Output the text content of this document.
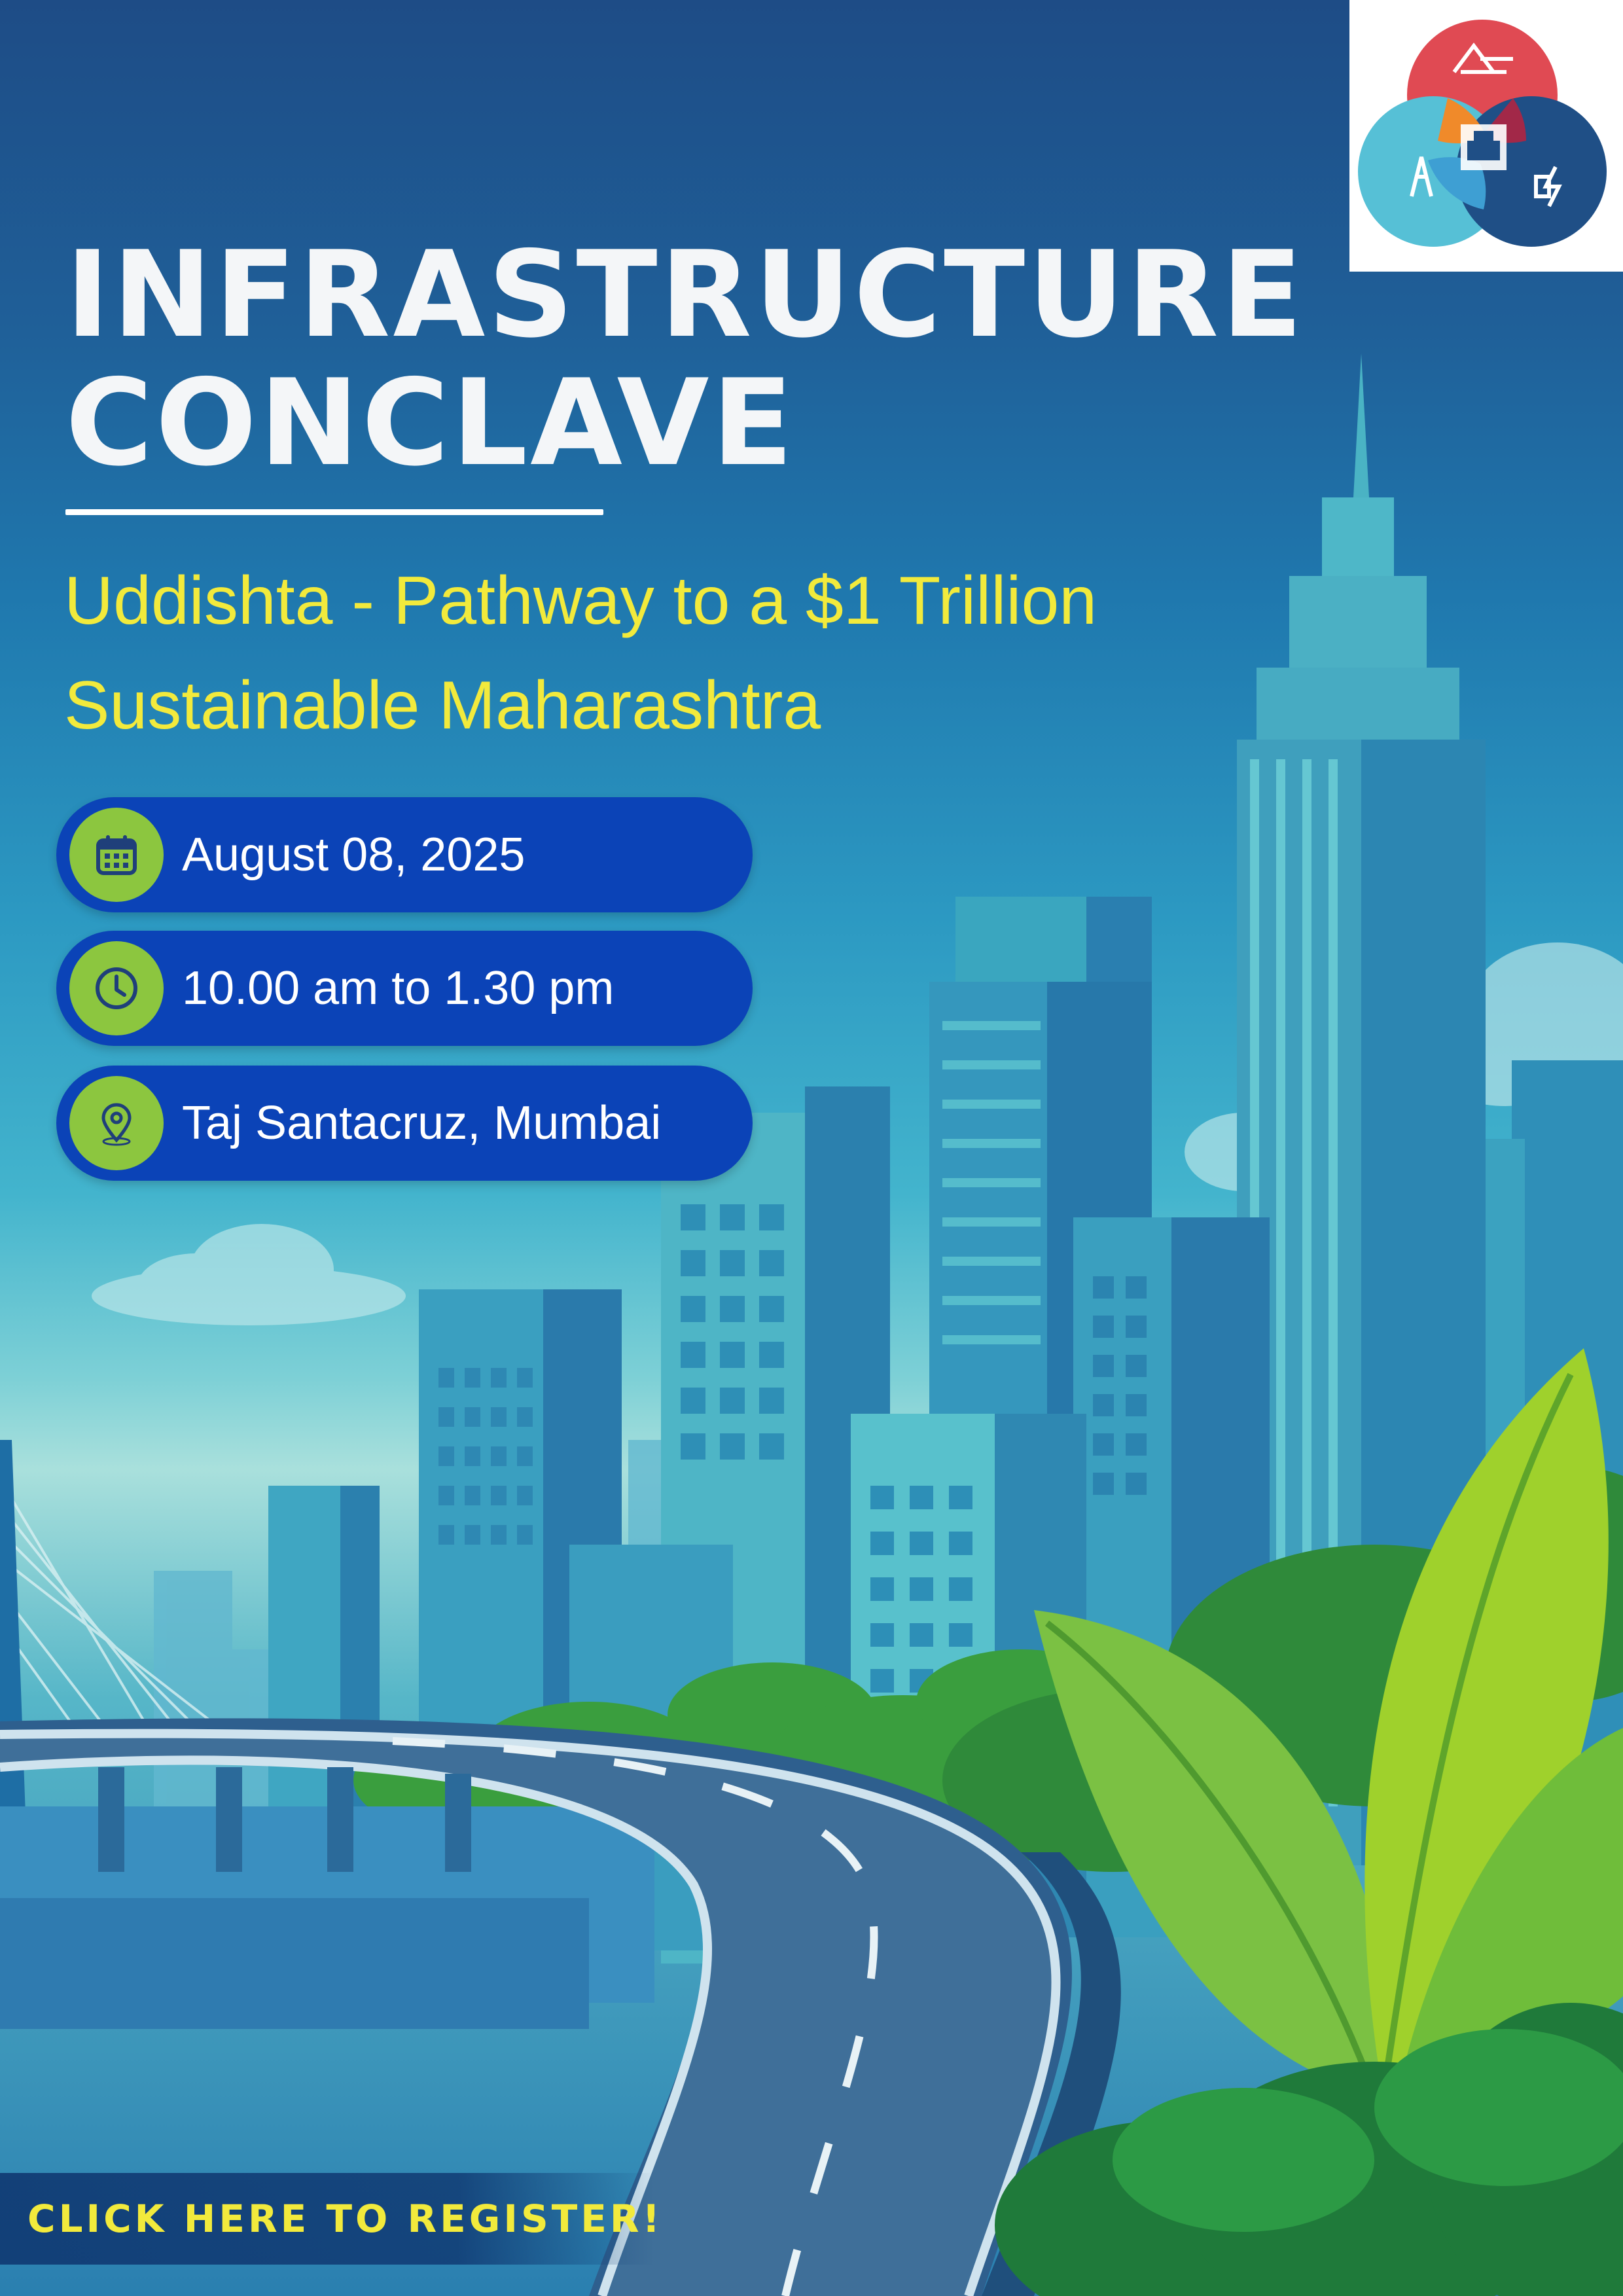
INFRASTRUCTURE
CONCLAVE
Uddishta - Pathway to a $1 Trillion
Sustainable Maharashtra
August 08, 2025
10.00 am to 1.30 pm
Taj Santacruz, Mumbai
CLICK HERE TO REGISTER!
